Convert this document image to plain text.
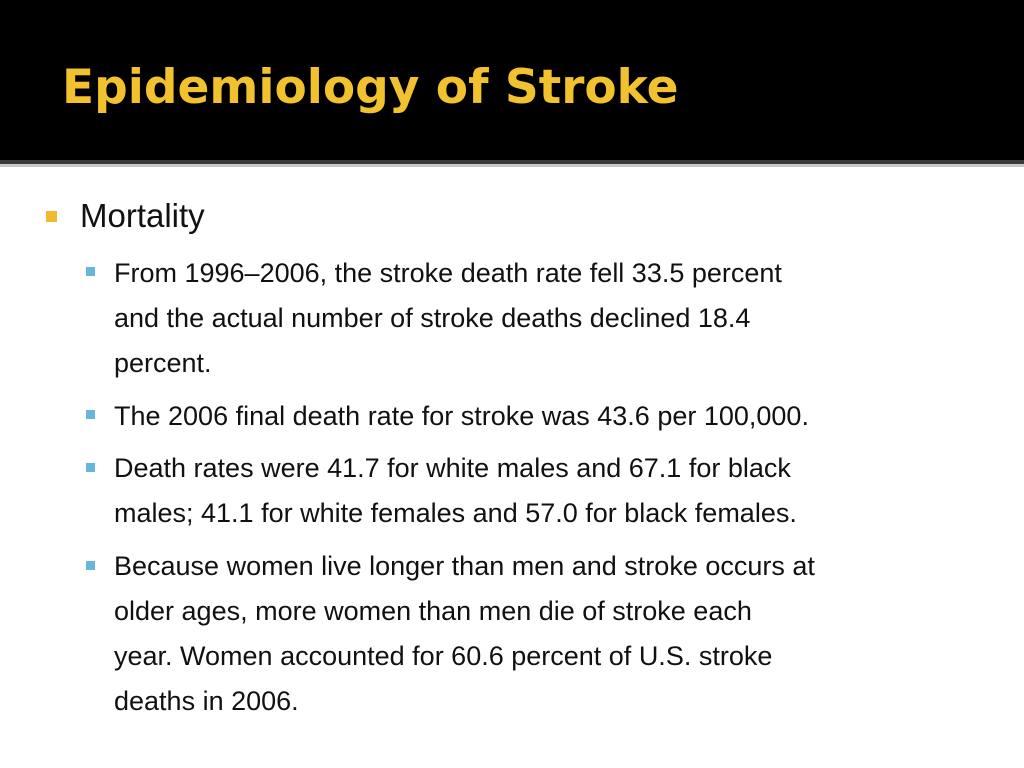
Epidemiology of Stroke
Mortality
From 1996–2006, the stroke death rate fell 33.5 percent
and the actual number of stroke deaths declined 18.4
percent.
The 2006 final death rate for stroke was 43.6 per 100,000.
Death rates were 41.7 for white males and 67.1 for black
males; 41.1 for white females and 57.0 for black females.
Because women live longer than men and stroke occurs at
older ages, more women than men die of stroke each
year. Women accounted for 60.6 percent of U.S. stroke
deaths in 2006.
